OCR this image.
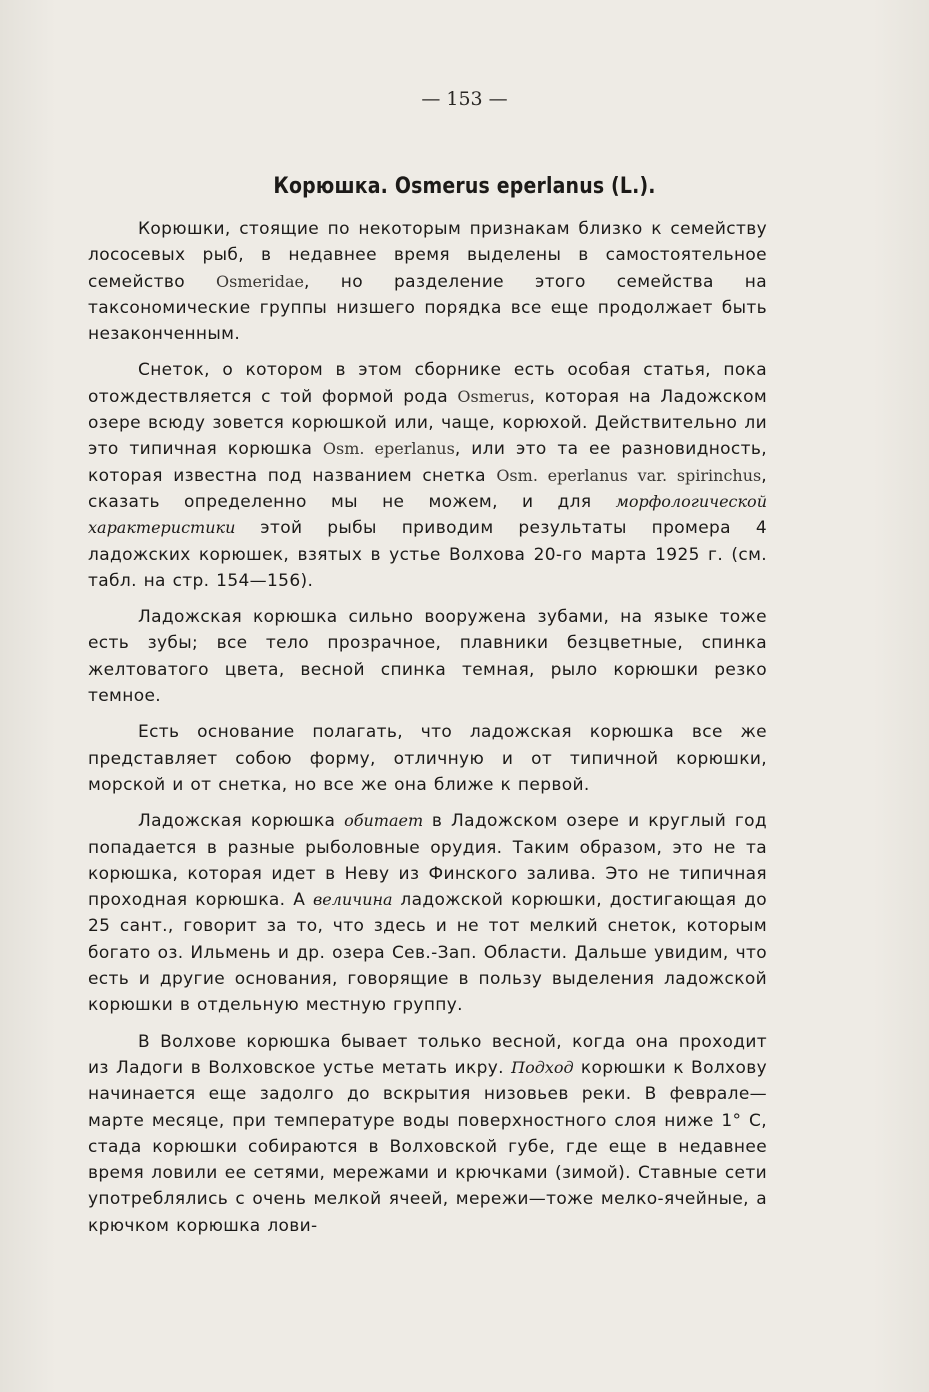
— 153 —
Корюшка. Osmerus eperlanus (L.).

Корюшки, стоящие по некоторым признакам близко к семейству лососевых рыб, в недавнее время выделены в самостоятельное семейство Osmeridae, но разделение этого семейства на таксономические группы низшего порядка все еще продолжает быть незаконченным.

Снеток, о котором в этом сборнике есть особая статья, пока отождествляется с той формой рода Osmerus, которая на Ладожском озере всюду зовется корюшкой или, чаще, корюхой. Действительно ли это типичная корюшка Osm. eperlanus, или это та ее разновидность, которая известна под названием снетка Osm. eperlanus var. spirinchus, сказать определенно мы не можем, и для морфологической характеристики этой рыбы приводим результаты промера 4 ладожских корюшек, взятых в устье Волхова 20-го марта 1925 г. (см. табл. на стр. 154—156).

Ладожская корюшка сильно вооружена зубами, на языке тоже есть зубы; все тело прозрачное, плавники безцветные, спинка желтоватого цвета, весной спинка темная, рыло корюшки резко темное.

Есть основание полагать, что ладожская корюшка все же представляет собою форму, отличную и от типичной корюшки, морской и от снетка, но все же она ближе к первой.

Ладожская корюшка обитает в Ладожском озере и круглый год попадается в разные рыболовные орудия. Таким образом, это не та корюшка, которая идет в Неву из Финского залива. Это не типичная проходная корюшка. А величина ладожской корюшки, достигающая до 25 сант., говорит за то, что здесь и не тот мелкий снеток, которым богато оз. Ильмень и др. озера Сев.-Зап. Области. Дальше увидим, что есть и другие основания, говорящие в пользу выделения ладожской корюшки в отдельную местную группу.

В Волхове корюшка бывает только весной, когда она проходит из Ладоги в Волховское устье метать икру. Подход корюшки к Волхову начинается еще задолго до вскрытия низовьев реки. В феврале—марте месяце, при температуре воды поверхностного слоя ниже 1° С, стада корюшки собираются в Волховской губе, где еще в недавнее время ловили ее сетями, мережами и крючками (зимой). Ставные сети употреблялись с очень мелкой ячеей, мережи—тоже мелко-ячейные, а крючком корюшка лови-
